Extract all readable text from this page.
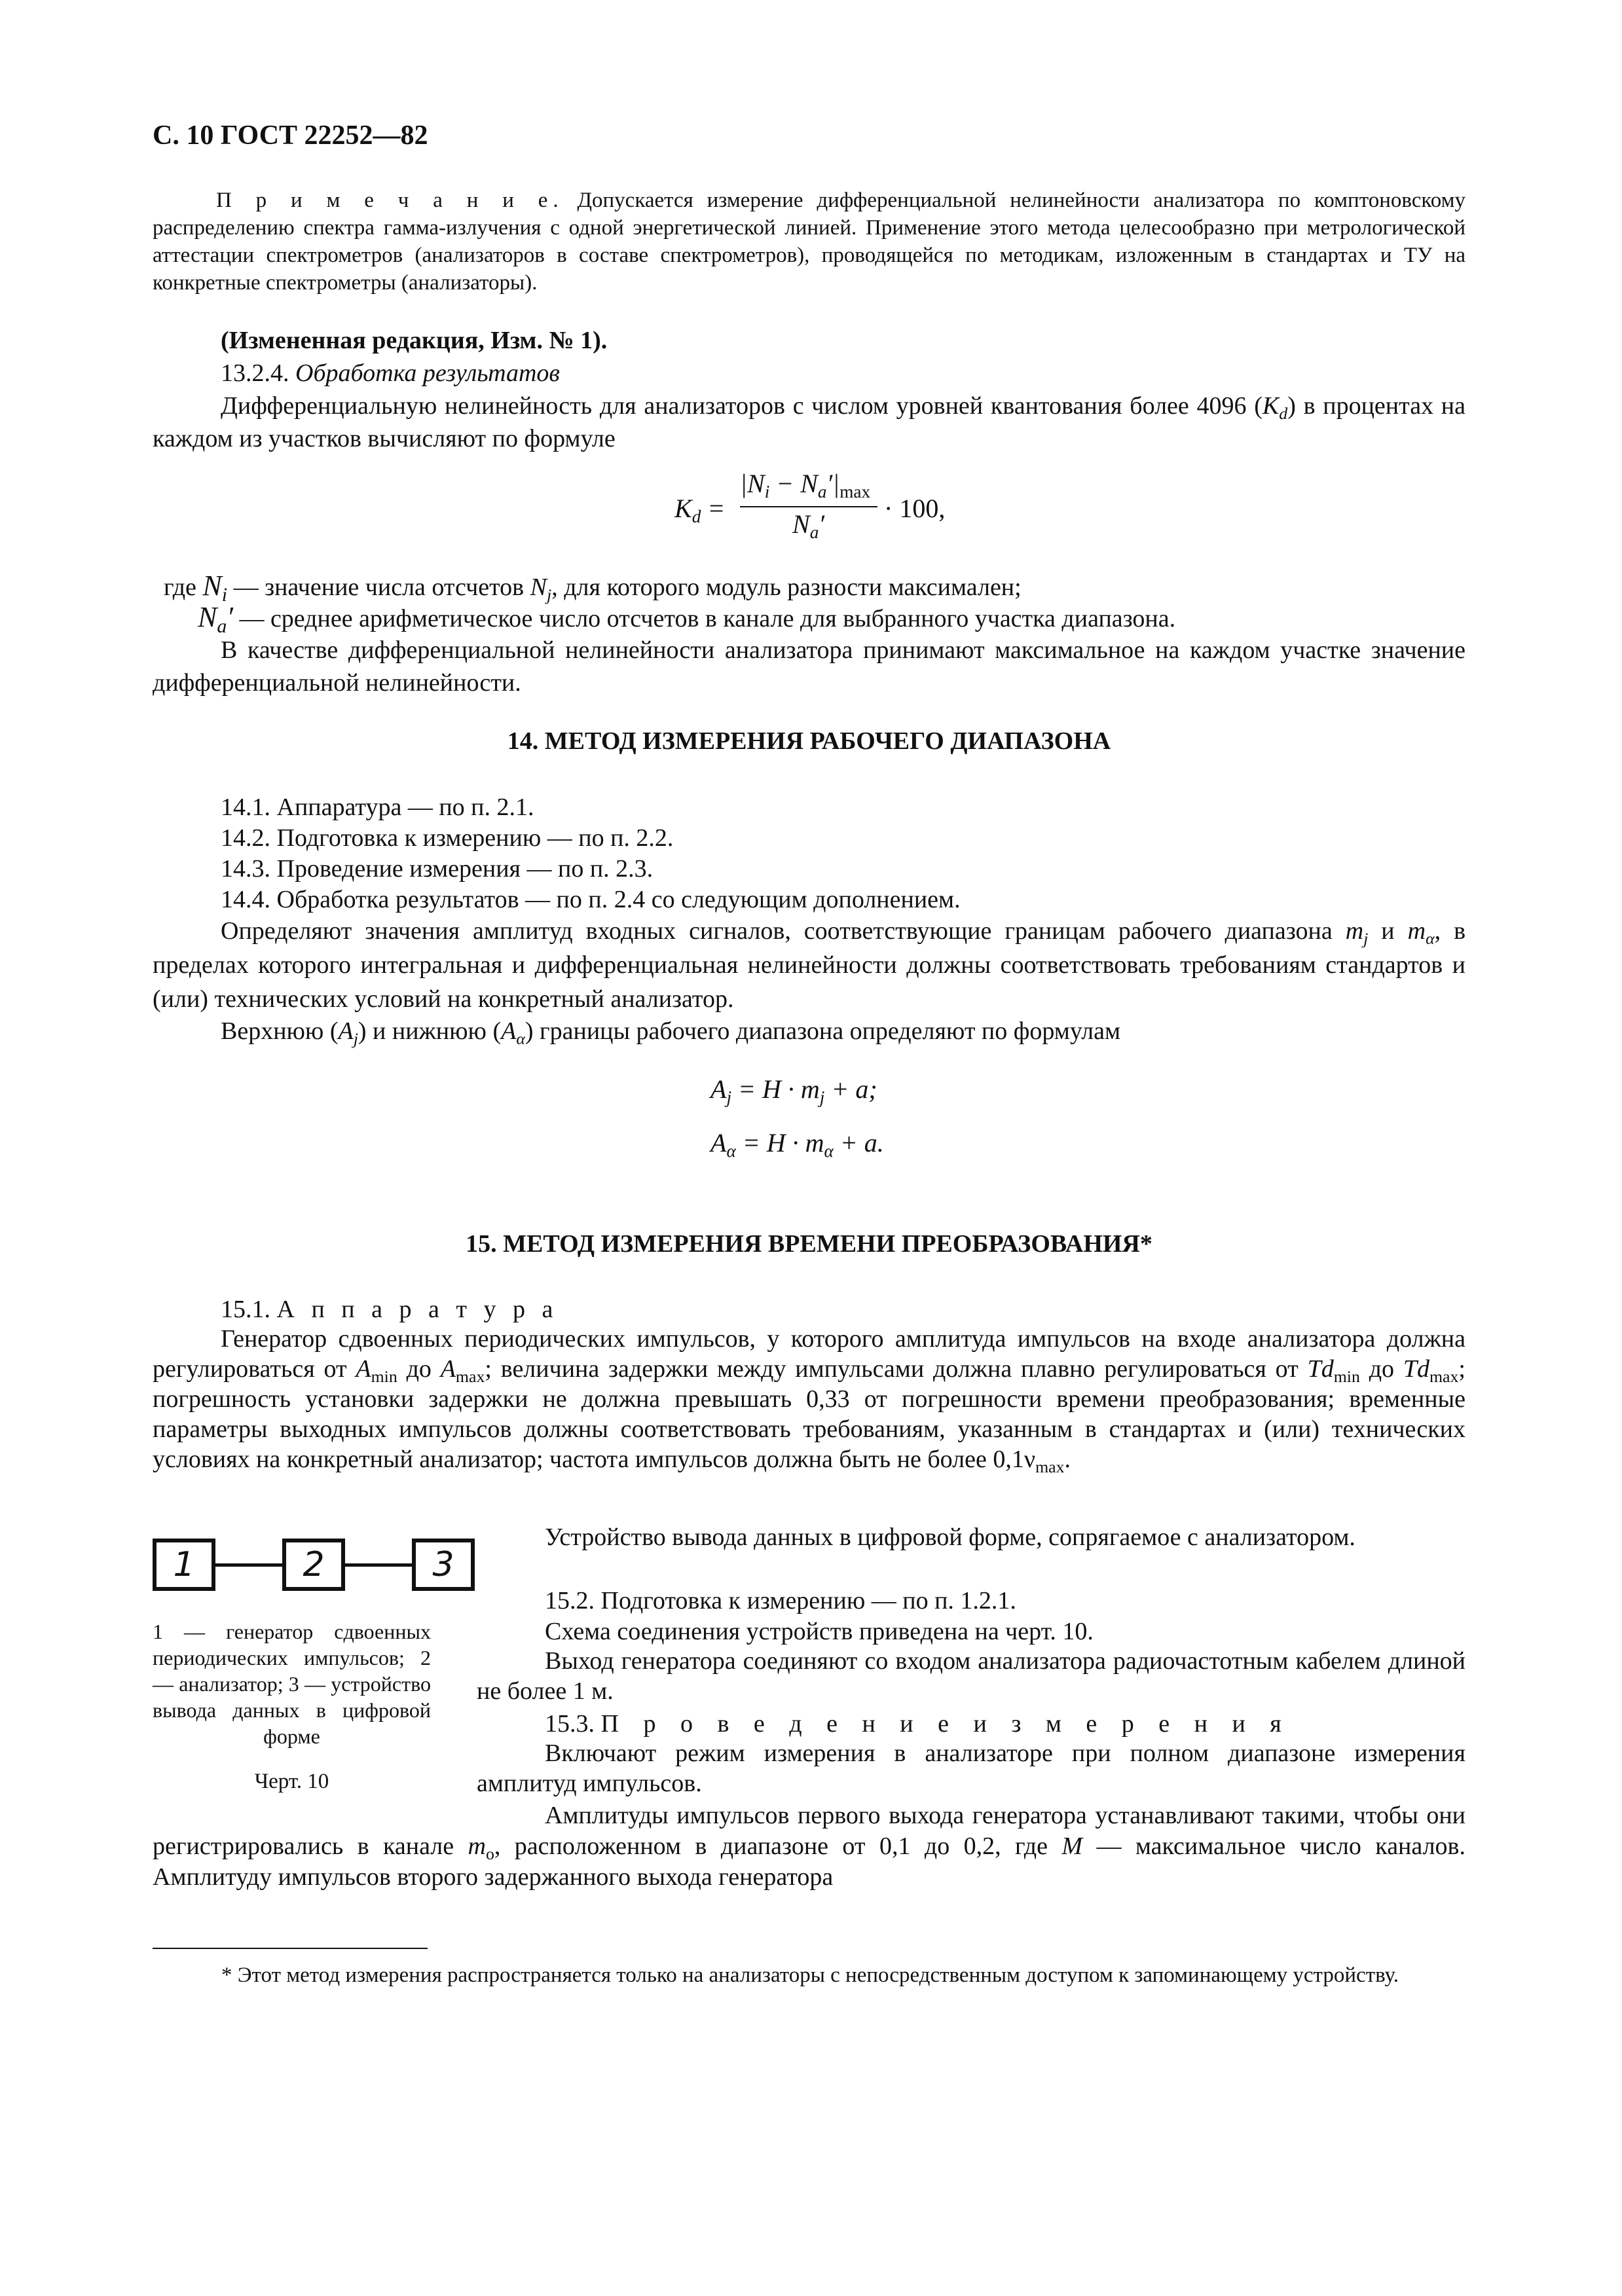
С. 10 ГОСТ 22252—82

П р и м е ч а н и е. Допускается измерение дифференциальной нелинейности анализатора по комптоновскому распределению спектра гамма-излучения с одной энергетической линией. Применение этого метода целесообразно при метрологической аттестации спектрометров (анализаторов в составе спектрометров), проводящейся по методикам, изложенным в стандартах и ТУ на конкретные спектрометры (анализаторы).

(Измененная редакция, Изм. № 1).
13.2.4. Обработка результатов

Дифференциальную нелинейность для анализаторов с числом уровней квантования более 4096 $(K_d)$ в процентах на каждом из участков вычисляют по формуле

$K_d$ =
$|N_i - N_a'|_{max}$
$N_a'$
· 100,
где $N_i$ — значение числа отсчетов $N_j$, для которого модуль разности максимален;
$N_a'$ — среднее арифметическое число отсчетов в канале для выбранного участка диапазона.

В качестве дифференциальной нелинейности анализатора принимают максимальное на каждом участке значение дифференциальной нелинейности.

14. МЕТОД ИЗМЕРЕНИЯ РАБОЧЕГО ДИАПАЗОНА
14.1. Аппаратура — по п. 2.1.
14.2. Подготовка к измерению — по п. 2.2.
14.3. Проведение измерения — по п. 2.3.
14.4. Обработка результатов — по п. 2.4 со следующим дополнением.

Определяют значения амплитуд входных сигналов, соответствующие границам рабочего диапазона $m_j$ и $m_\alpha$, в пределах которого интегральная и дифференциальная нелинейности должны соответствовать требованиям стандартов и (или) технических условий на конкретный анализатор.

Верхнюю $(A_j)$ и нижнюю $(A_\alpha)$ границы рабочего диапазона определяют по формулам
$A_j = H \cdot m_j + a$;
$A_\alpha = H \cdot m_\alpha + a$.
15. МЕТОД ИЗМЕРЕНИЯ ВРЕМЕНИ ПРЕОБРАЗОВАНИЯ*
15.1. А п п а р а т у р а

Генератор сдвоенных периодических импульсов, у которого амплитуда импульсов на входе анализатора должна регулироваться от $A_{min}$ до $A_{max}$; величина задержки между импульсами должна плавно регулироваться от $Td_{min}$ до $Td_{max}$; погрешность установки задержки не должна превышать 0,33 от погрешности времени преобразования; временные параметры выходных импульсов должны соответствовать требованиям, указанным в стандартах и (или) технических условиях на конкретный анализатор; частота импульсов должна быть не более $0,1\nu_{max}$.

1	2	3

1 — генератор сдвоенных периодических импульсов; 2 — анализатор; 3 — устройство вывода данных в цифровой форме

Черт. 10

Устройство вывода данных в цифровой форме, сопрягаемое с анализатором.

15.2. Подготовка к измерению — по п. 1.2.1.
Схема соединения устройств приведена на черт. 10.

Выход генератора соединяют со входом анализатора радиочастотным кабелем длиной не более 1 м.

15.3. П р о в е д е н и е и з м е р е н и я

Включают режим измерения в анализаторе при полном диапазоне измерения амплитуд импульсов.

Амплитуды импульсов первого выхода генератора устанавливают такими, чтобы они регистрировались в канале $m_o$, расположенном в диапазоне от 0,1 до 0,2, где M — максимальное число каналов. Амплитуду импульсов второго задержанного выхода генератора

* Этот метод измерения распространяется только на анализаторы с непосредственным доступом к запоминающему устройству.
